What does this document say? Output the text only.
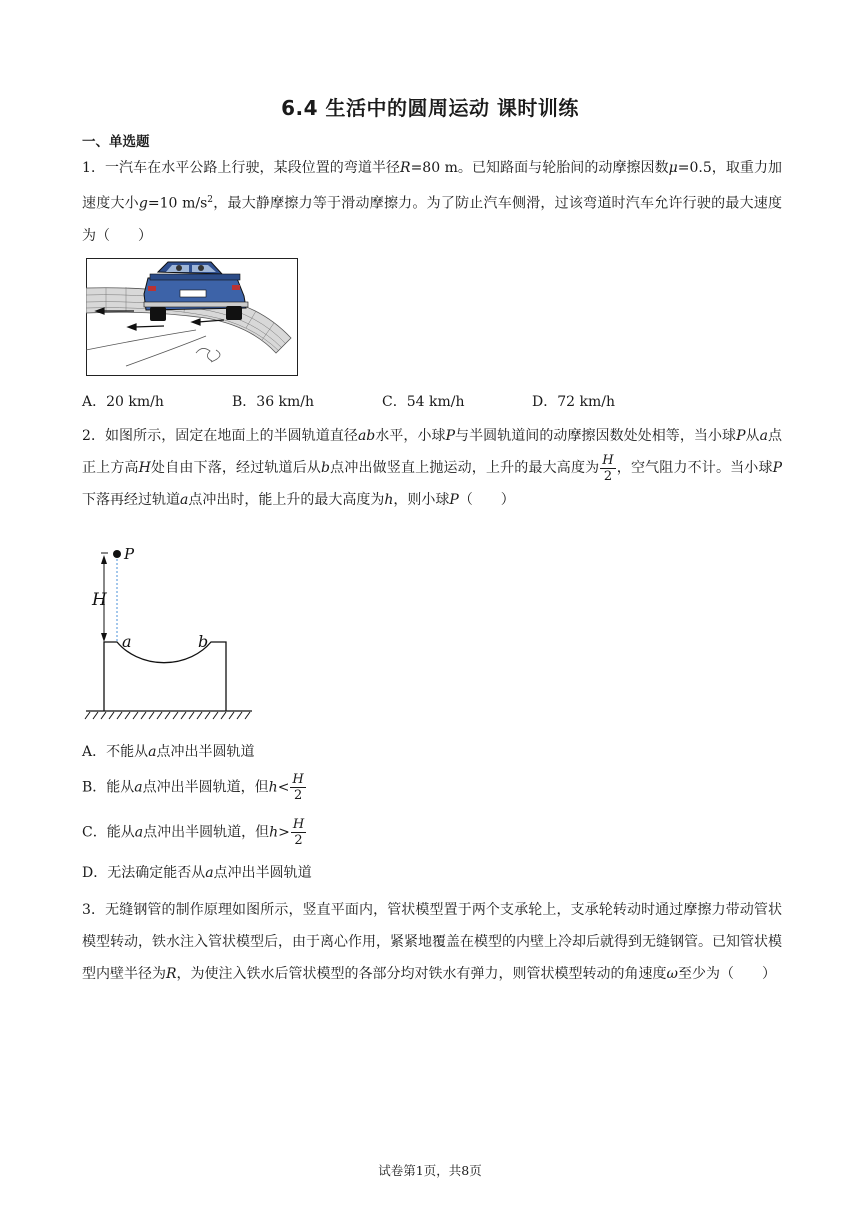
6.4 生活中的圆周运动 课时训练
一、单选题

1．一汽车在水平公路上行驶，某段位置的弯道半径R=80 m。已知路面与轮胎间的动摩擦因数μ=0.5，取重力加速度大小g=10 $m/s^2$，最大静摩擦力等于滑动摩擦力。为了防止汽车侧滑，过该弯道时汽车允许行驶的最大速度为（　　）

A．20 km/h	B．36 km/h	C．54 km/h	D．72 km/h

2．如图所示，固定在地面上的半圆轨道直径ab水平，小球P与半圆轨道间的动摩擦因数处处相等，当小球P从a点正上方高H处自由下落，经过轨道后从b点冲出做竖直上抛运动，上升的最大高度为 $\frac{H}{2}$ ，空气阻力不计。当小球P下落再经过轨道a点冲出时，能上升的最大高度为h，则小球P（　　）

P
H
a	b
A．不能从a点冲出半圆轨道
B．能从a点冲出半圆轨道，但$h< \frac{H}{2}$
C．能从a点冲出半圆轨道，但$h> \frac{H}{2}$
D．无法确定能否从a点冲出半圆轨道

3．无缝钢管的制作原理如图所示，竖直平面内，管状模型置于两个支承轮上，支承轮转动时通过摩擦力带动管状模型转动，铁水注入管状模型后，由于离心作用，紧紧地覆盖在模型的内壁上冷却后就得到无缝钢管。已知管状模型内壁半径为R，为使注入铁水后管状模型的各部分均对铁水有弹力，则管状模型转动的角速度ω至少为（　　）

试卷第1页，共8页
